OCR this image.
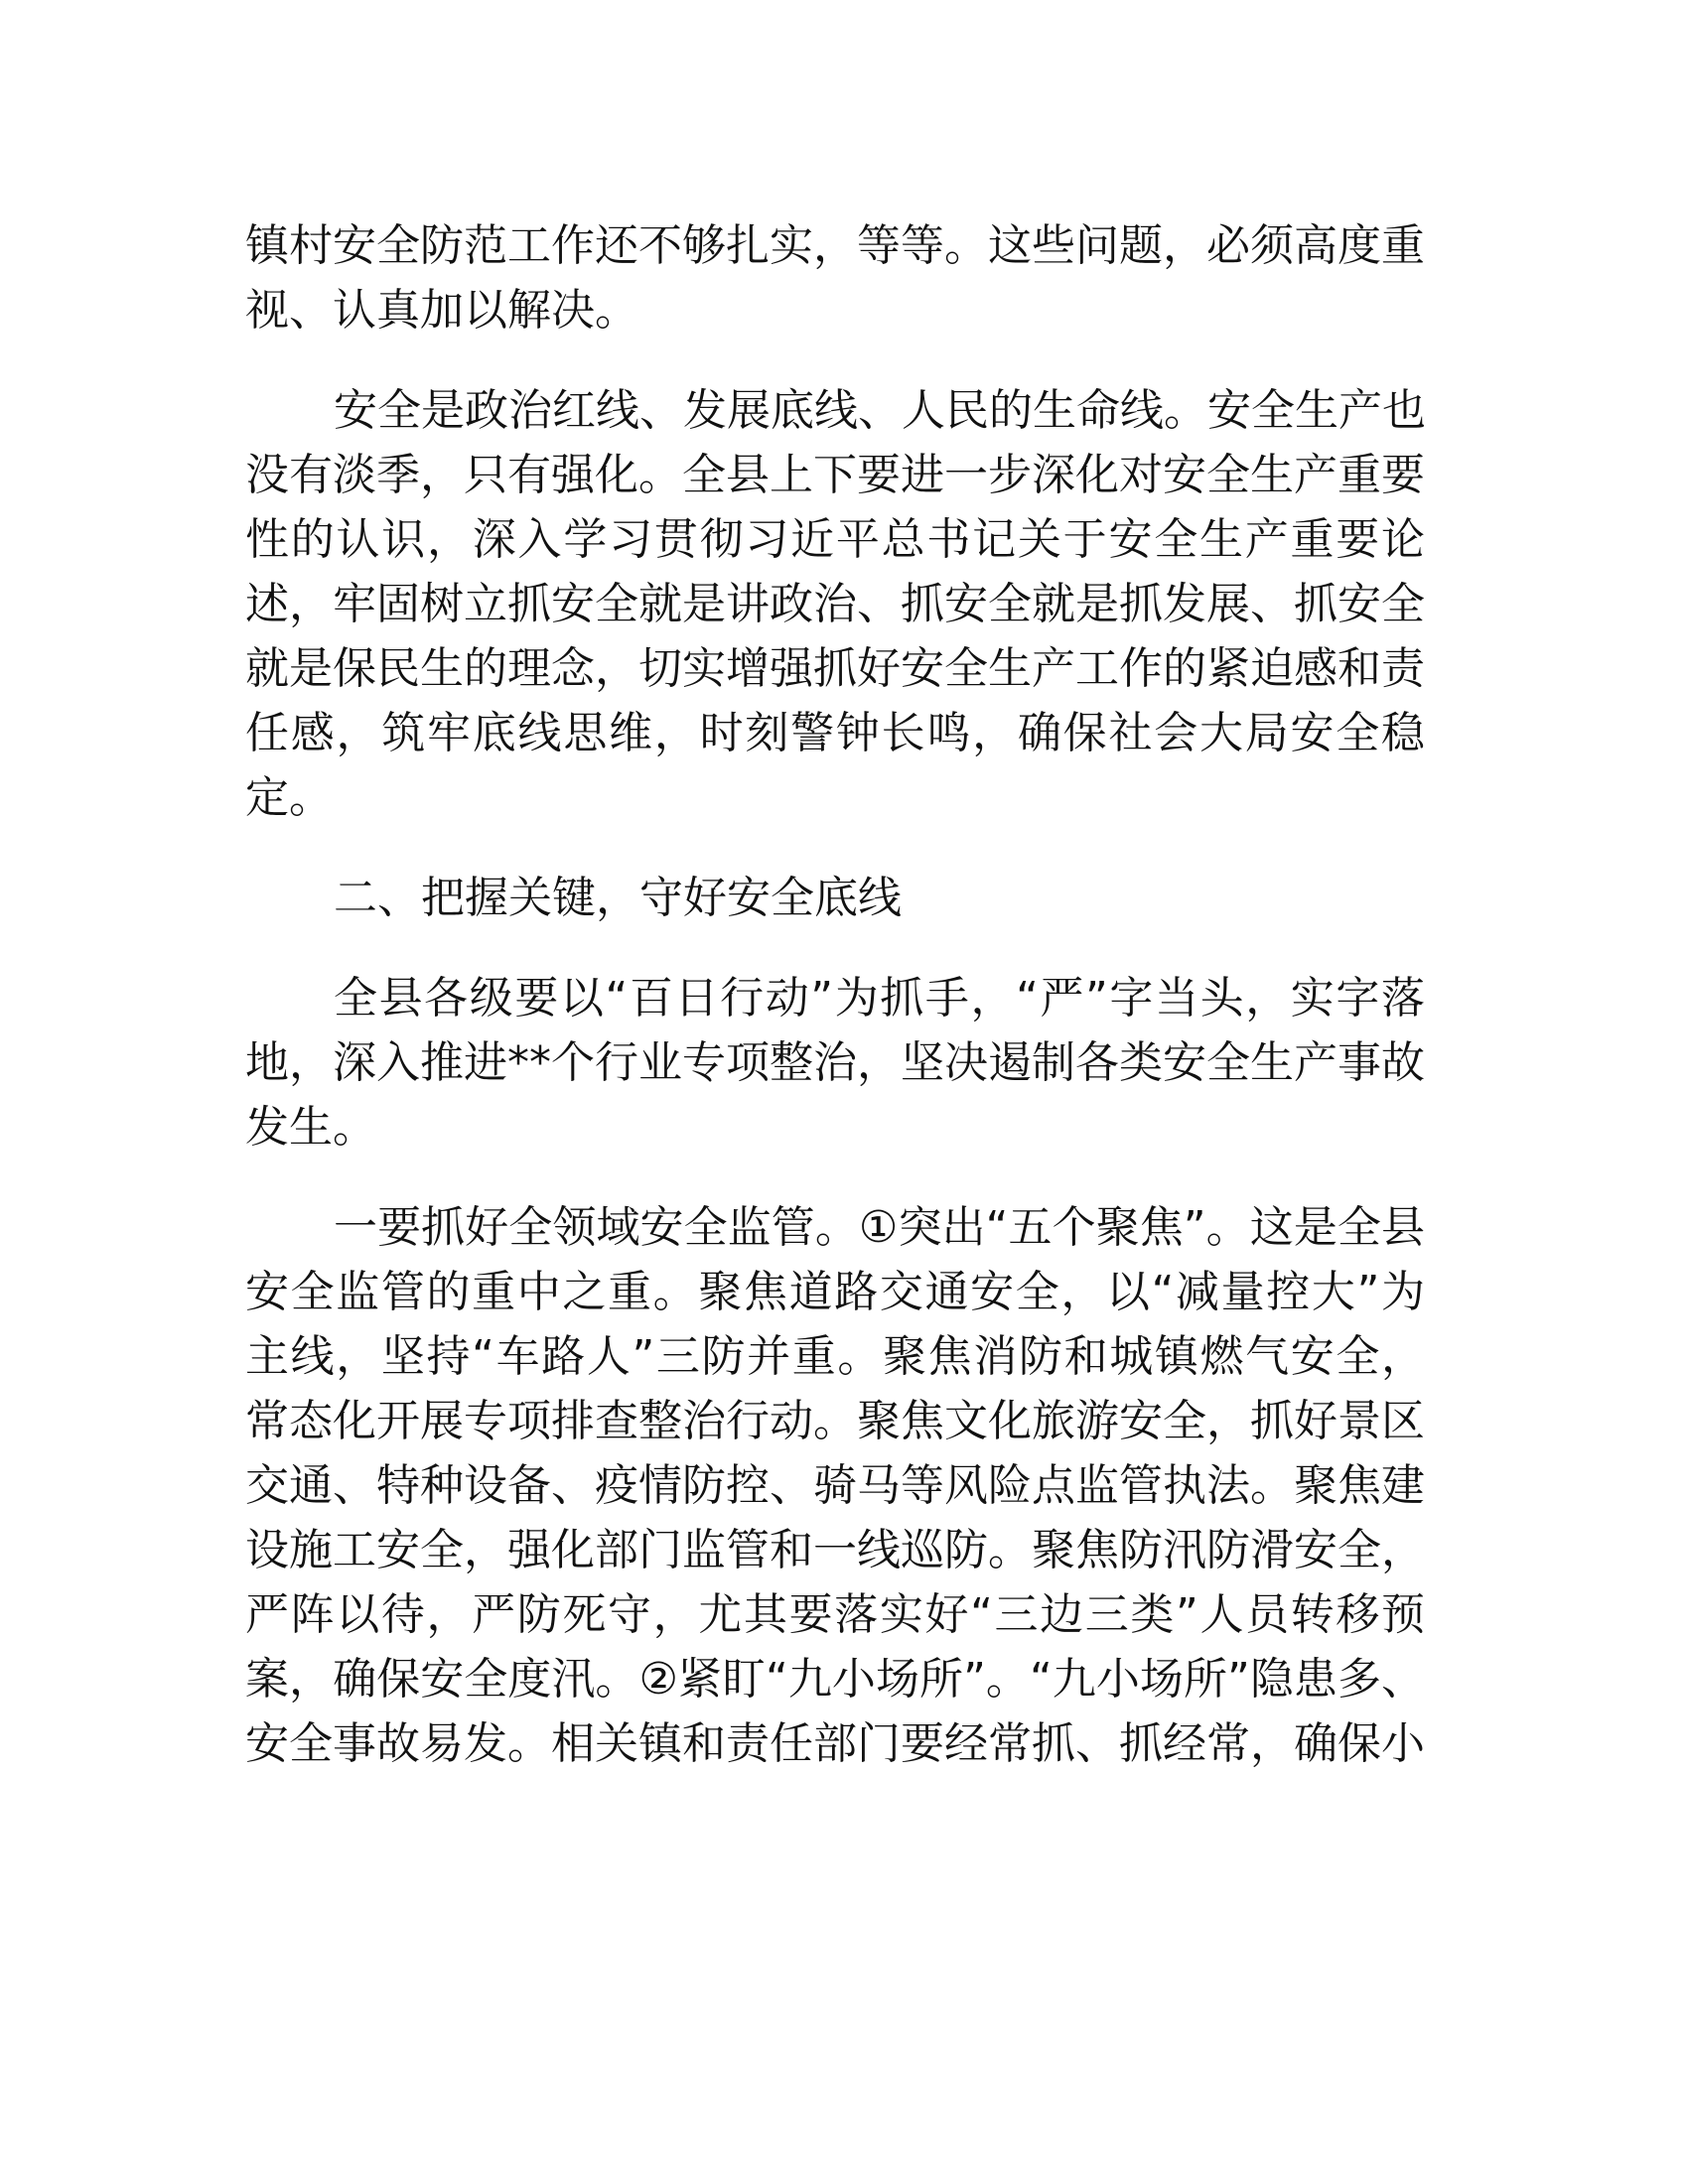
镇村安全防范工作还不够扎实，等等。这些问题，必须高度重
视、认真加以解决。
安全是政治红线、发展底线、人民的生命线。安全生产也
没有淡季，只有强化。全县上下要进一步深化对安全生产重要
性的认识，深入学习贯彻习近平总书记关于安全生产重要论
述，牢固树立抓安全就是讲政治、抓安全就是抓发展、抓安全
就是保民生的理念，切实增强抓好安全生产工作的紧迫感和责
任感，筑牢底线思维，时刻警钟长鸣，确保社会大局安全稳
定。
二、把握关键，守好安全底线
全县各级要以“百日行动”为抓手，“严”字当头，实字落
地，深入推进**个行业专项整治，坚决遏制各类安全生产事故
发生。
一要抓好全领域安全监管。①突出“五个聚焦”。这是全县
安全监管的重中之重。聚焦道路交通安全，以“减量控大”为
主线，坚持“车路人”三防并重。聚焦消防和城镇燃气安全，
常态化开展专项排查整治行动。聚焦文化旅游安全，抓好景区
交通、特种设备、疫情防控、骑马等风险点监管执法。聚焦建
设施工安全，强化部门监管和一线巡防。聚焦防汛防滑安全，
严阵以待，严防死守，尤其要落实好“三边三类”人员转移预
案，确保安全度汛。②紧盯“九小场所”。“九小场所”隐患多、
安全事故易发。相关镇和责任部门要经常抓、抓经常，确保小
